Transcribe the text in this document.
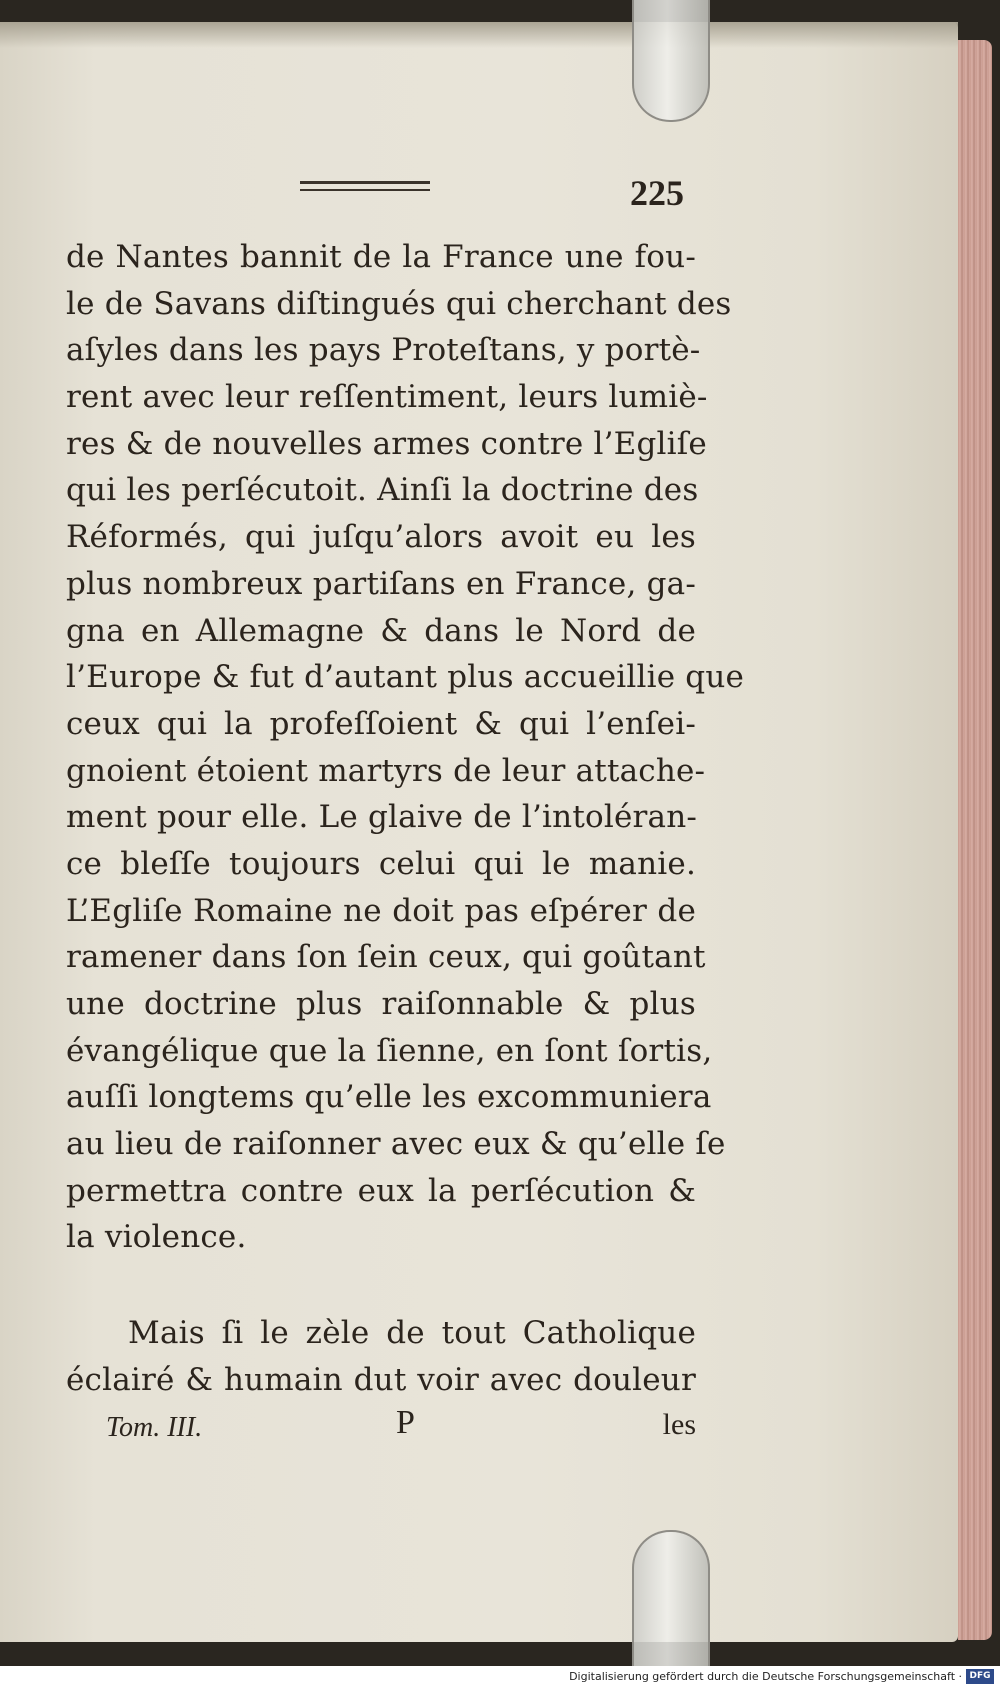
225
de Nantes bannit de la France une fou-
le de Savans diſtingués qui cherchant des
aſyles dans les pays Proteſtans, y portè-
rent avec leur reſſentiment, leurs lumiè-
res & de nouvelles armes contre l’Egliſe
qui les perſécutoit. Ainſi la doctrine des
Réformés, qui juſqu’alors avoit eu les
plus nombreux partiſans en France, ga-
gna en Allemagne & dans le Nord de
l’Europe & fut d’autant plus accueillie que
ceux qui la profeſſoient & qui l’enſei-
gnoient étoient martyrs de leur attache-
ment pour elle. Le glaive de l’intoléran-
ce bleſſe toujours celui qui le manie.
L’Egliſe Romaine ne doit pas eſpérer de
ramener dans ſon ſein ceux, qui goûtant
une doctrine plus raiſonnable & plus
évangélique que la ſienne, en ſont ſortis,
auſſi longtems qu’elle les excommuniera
au lieu de raiſonner avec eux & qu’elle ſe
permettra contre eux la perſécution &
la violence.
Mais ſi le zèle de tout Catholique
éclairé & humain dut voir avec douleur
Tom. III.	P	les
Digitalisierung gefördert durch die Deutsche Forschungsgemeinschaft · DFG
